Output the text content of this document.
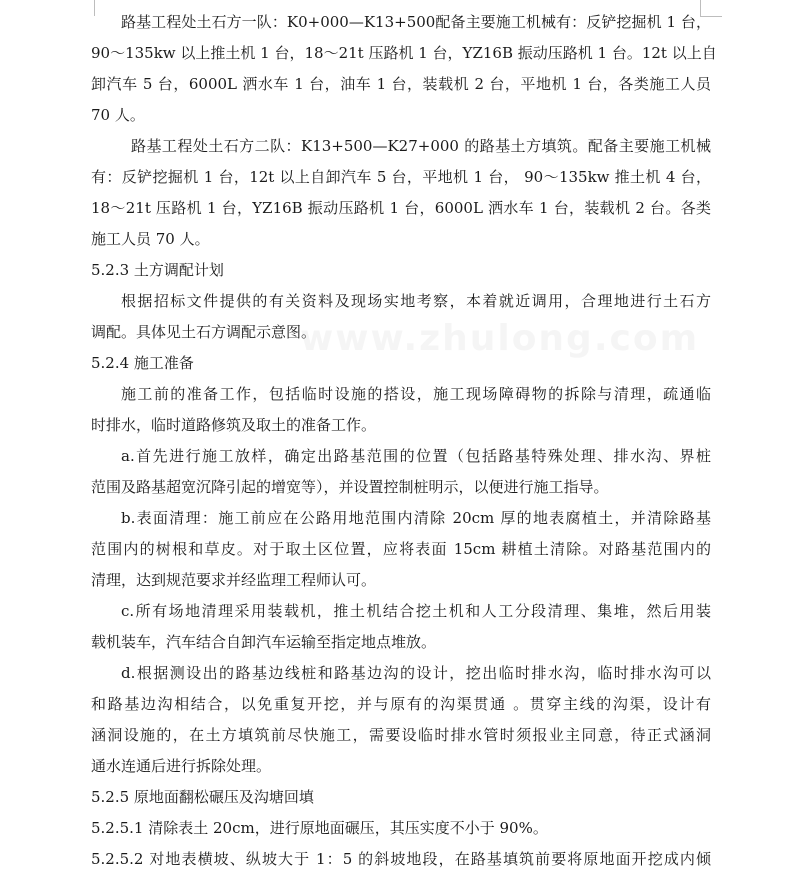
www.zhulong.com
路基工程处土石方一队：K0+000—K13+500配备主要施工机械有：反铲挖掘机 1 台，
90～135kw 以上推土机 1 台，18～21t 压路机 1 台，YZ16B 振动压路机 1 台。12t 以上自
卸汽车 5 台，6000L 洒水车 1 台，油车 1 台，装载机 2 台，平地机 1 台，各类施工人员
70 人。
路基工程处土石方二队：K13+500—K27+000 的路基土方填筑。配备主要施工机械
有：反铲挖掘机 1 台，12t 以上自卸汽车 5 台，平地机 1 台， 90～135kw 推土机 4 台，
18～21t 压路机 1 台，YZ16B 振动压路机 1 台，6000L 洒水车 1 台，装载机 2 台。各类
施工人员 70 人。
5.2.3 土方调配计划
根据招标文件提供的有关资料及现场实地考察，本着就近调用，合理地进行土石方
调配。具体见土石方调配示意图。
5.2.4 施工准备
施工前的准备工作，包括临时设施的搭设，施工现场障碍物的拆除与清理，疏通临
时排水，临时道路修筑及取土的准备工作。
a.首先进行施工放样，确定出路基范围的位置（包括路基特殊处理、排水沟、界桩
范围及路基超宽沉降引起的增宽等），并设置控制桩明示，以便进行施工指导。
b.表面清理：施工前应在公路用地范围内清除 20cm 厚的地表腐植土，并清除路基
范围内的树根和草皮。对于取土区位置，应将表面 15cm 耕植土清除。对路基范围内的
清理，达到规范要求并经监理工程师认可。
c.所有场地清理采用装载机，推土机结合挖土机和人工分段清理、集堆，然后用装
载机装车，汽车结合自卸汽车运输至指定地点堆放。
d.根据测设出的路基边线桩和路基边沟的设计，挖出临时排水沟，临时排水沟可以
和路基边沟相结合，以免重复开挖，并与原有的沟渠贯通 。贯穿主线的沟渠，设计有
涵洞设施的，在土方填筑前尽快施工，需要设临时排水管时须报业主同意，待正式涵洞
通水连通后进行拆除处理。
5.2.5 原地面翻松碾压及沟塘回填
5.2.5.1 清除表土 20cm，进行原地面碾压，其压实度不小于 90%。
5.2.5.2 对地表横坡、纵坡大于 1：5 的斜坡地段，在路基填筑前要将原地面开挖成内倾
